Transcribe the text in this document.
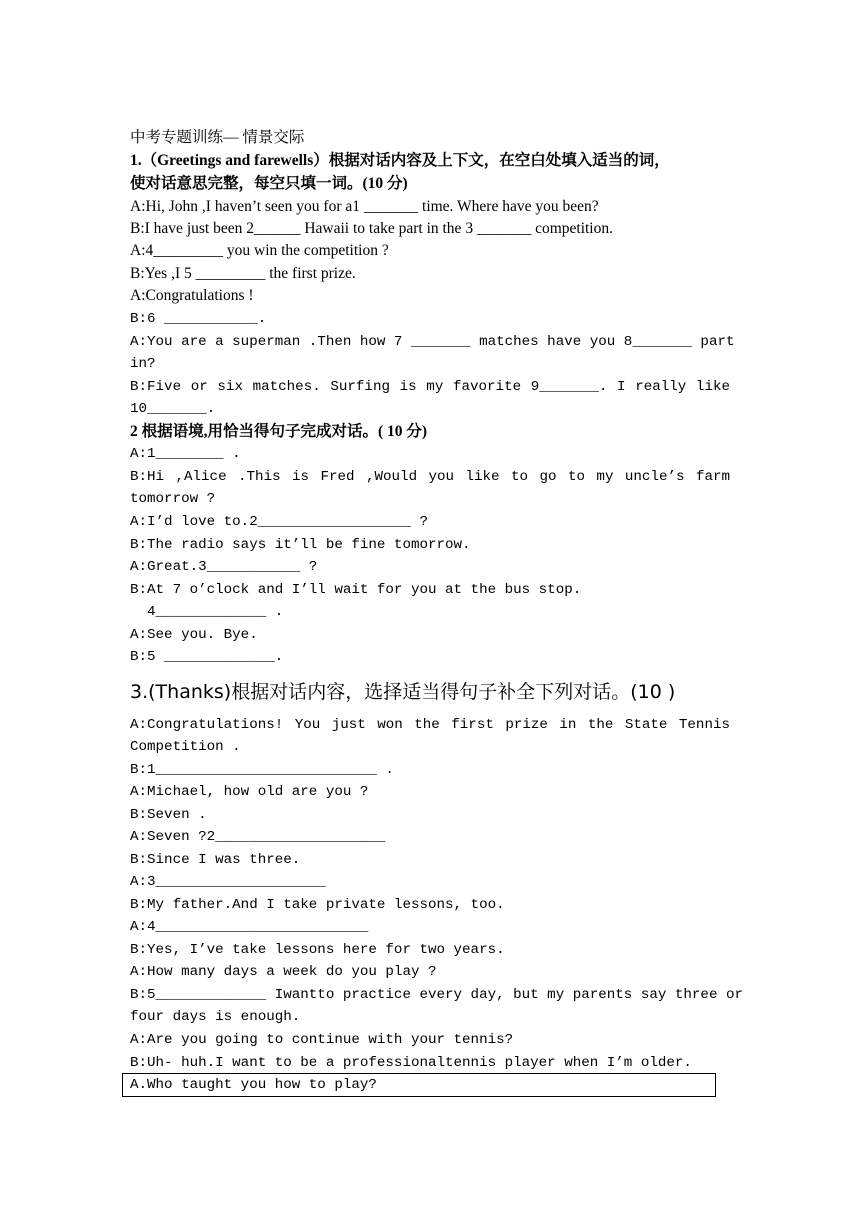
中考专题训练— 情景交际
1.（Greetings and farewells）根据对话内容及上下文，在空白处填入适当的词，
使对话意思完整，每空只填一词。(10 分)
A:Hi, John ,I haven’t seen you for a1 _______ time. Where have you been?
B:I have just been 2______ Hawaii to take part in the 3 _______ competition.
A:4_________ you win the competition ?
B:Yes ,I 5 _________ the first prize.
A:Congratulations !
B:6 ___________.
A:You are a superman .Then how 7 _______ matches have you 8_______ part
in?
B:Five or six matches. Surfing is my favorite 9_______. I really like
10_______.
2 根据语境,用恰当得句子完成对话。( 10 分)
A:1________ .
B:Hi ,Alice .This is Fred ,Would you like to go to my uncle’s farm
tomorrow ?
A:I’d love to.2__________________ ?
B:The radio says it’ll be fine tomorrow.
A:Great.3___________ ?
B:At 7 o’clock and I’ll wait for you at the bus stop.
4_____________ .
A:See you. Bye.
B:5 _____________.
3.(Thanks)根据对话内容，选择适当得句子补全下列对话。(10 )
A:Congratulations! You just won the first prize in the State Tennis
Competition .
B:1__________________________ .
A:Michael, how old are you ?
B:Seven .
A:Seven ?2____________________
B:Since I was three.
A:3____________________
B:My father.And I take private lessons, too.
A:4_________________________
B:Yes, I’ve take lessons here for two years.
A:How many days a week do you play ?
B:5_____________ Iwantto practice every day, but my parents say three or
four days is enough.
A:Are you going to continue with your tennis?
B:Uh- huh.I want to be a professionaltennis player when I’m older.
A.Who taught you how to play?
